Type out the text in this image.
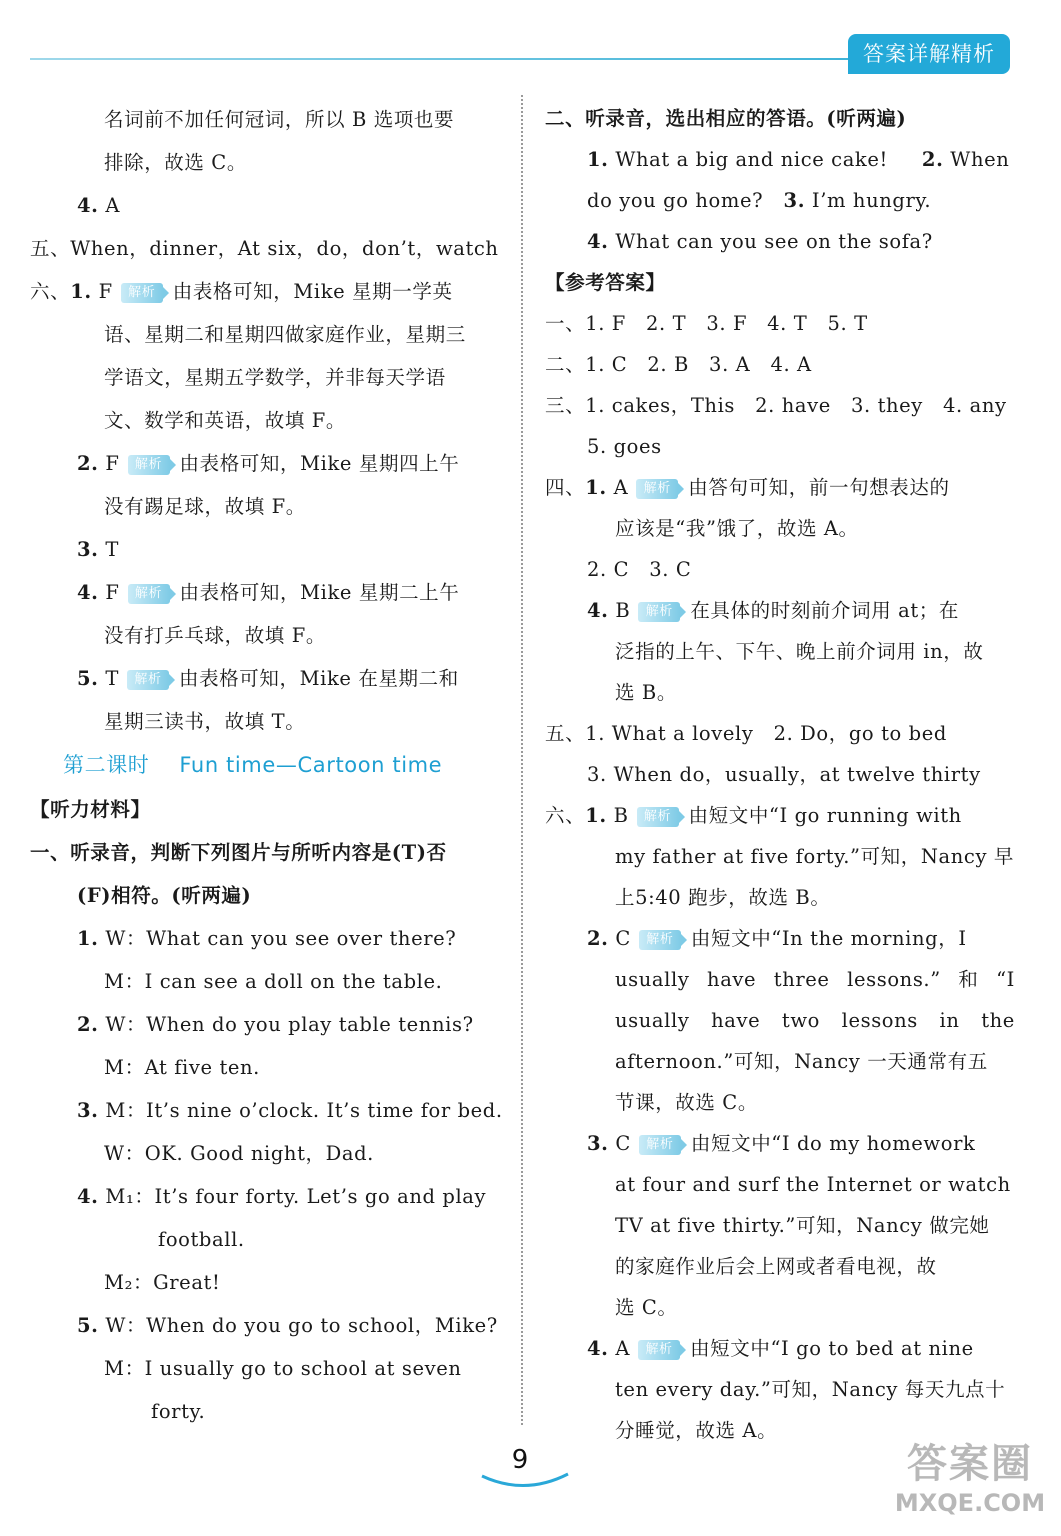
答案详解精析
名词前不加任何冠词，所以 B 选项也要
排除，故选 C。
4. A
五、When，dinner，At six，do，don’t，watch
六、1. F 解析 由表格可知，Mike 星期一学英
语、星期二和星期四做家庭作业，星期三
学语文，星期五学数学，并非每天学语
文、数学和英语，故填 F。
2. F 解析 由表格可知，Mike 星期四上午
没有踢足球，故填 F。
3. T
4. F 解析 由表格可知，Mike 星期二上午
没有打乒乓球，故填 F。
5. T 解析 由表格可知，Mike 在星期二和
星期三读书，故填 T。
第二课时 Fun time—Cartoon time
【听力材料】
一、听录音，判断下列图片与所听内容是(T)否
(F)相符。(听两遍)
1. W：What can you see over there?
M：I can see a doll on the table.
2. W：When do you play table tennis?
M：At five ten.
3. M：It’s nine o’clock. It’s time for bed.
W：OK. Good night，Dad.
4. M₁：It’s four forty. Let’s go and play
football.
M₂：Great!
5. W：When do you go to school，Mike?
M：I usually go to school at seven
forty.
二、听录音，选出相应的答语。(听两遍)
1. What a big and nice cake! 2. When
do you go home? 3. I’m hungry.
4. What can you see on the sofa?
【参考答案】
一、1. F　2. T　3. F　4. T　5. T
二、1. C　2. B　3. A　4. A
三、1. cakes，This　2. have　3. they　4. any
5. goes
四、1. A 解析 由答句可知，前一句想表达的
应该是“我”饿了，故选 A。
2. C　3. C
4. B 解析 在具体的时刻前介词用 at；在
泛指的上午、下午、晚上前介词用 in，故
选 B。
五、1. What a lovely　2. Do，go to bed
3. When do，usually，at twelve thirty
六、1. B 解析 由短文中“I go running with
my father at five forty.”可知，Nancy 早
上5:40 跑步，故选 B。
2. C 解析 由短文中“In the morning，I
usually have three lessons.” 和 “I
usually have two lessons in the
afternoon.”可知，Nancy 一天通常有五
节课，故选 C。
3. C 解析 由短文中“I do my homework
at four and surf the Internet or watch
TV at five thirty.”可知，Nancy 做完她
的家庭作业后会上网或者看电视，故
选 C。
4. A 解析 由短文中“I go to bed at nine
ten every day.”可知，Nancy 每天九点十
分睡觉，故选 A。
9	答案圈
MXQE.COM
